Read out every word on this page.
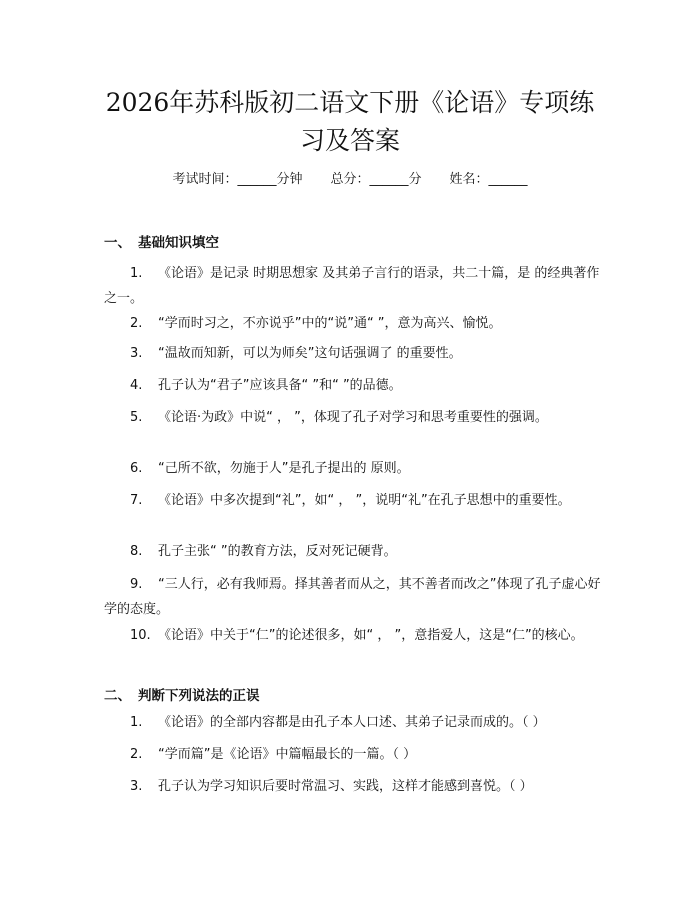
2026年苏科版初二语文下册《论语》专项练
习及答案
考试时间：______分钟 总分：______分 姓名：______
一、 基础知识填空

1. 《论语》是记录 时期思想家 及其弟子言行的语录，共二十篇，是 的经典著作之一。

2. “学而时习之，不亦说乎”中的“说”通“ ”，意为高兴、愉悦。

3. “温故而知新，可以为师矣”这句话强调了 的重要性。

4. 孔子认为“君子”应该具备“ ”和“ ”的品德。

5. 《论语·为政》中说“ ， ”，体现了孔子对学习和思考重要性的强调。

6. “己所不欲，勿施于人”是孔子提出的 原则。

7. 《论语》中多次提到“礼”，如“ ， ”，说明“礼”在孔子思想中的重要性。

8. 孔子主张“ ”的教育方法，反对死记硬背。

9. “三人行，必有我师焉。择其善者而从之，其不善者而改之”体现了孔子虚心好学的态度。

10. 《论语》中关于“仁”的论述很多，如“ ， ”，意指爱人，这是“仁”的核心。

二、 判断下列说法的正误

1. 《论语》的全部内容都是由孔子本人口述、其弟子记录而成的。（ ）

2. “学而篇”是《论语》中篇幅最长的一篇。（ ）

3. 孔子认为学习知识后要时常温习、实践，这样才能感到喜悦。（ ）
